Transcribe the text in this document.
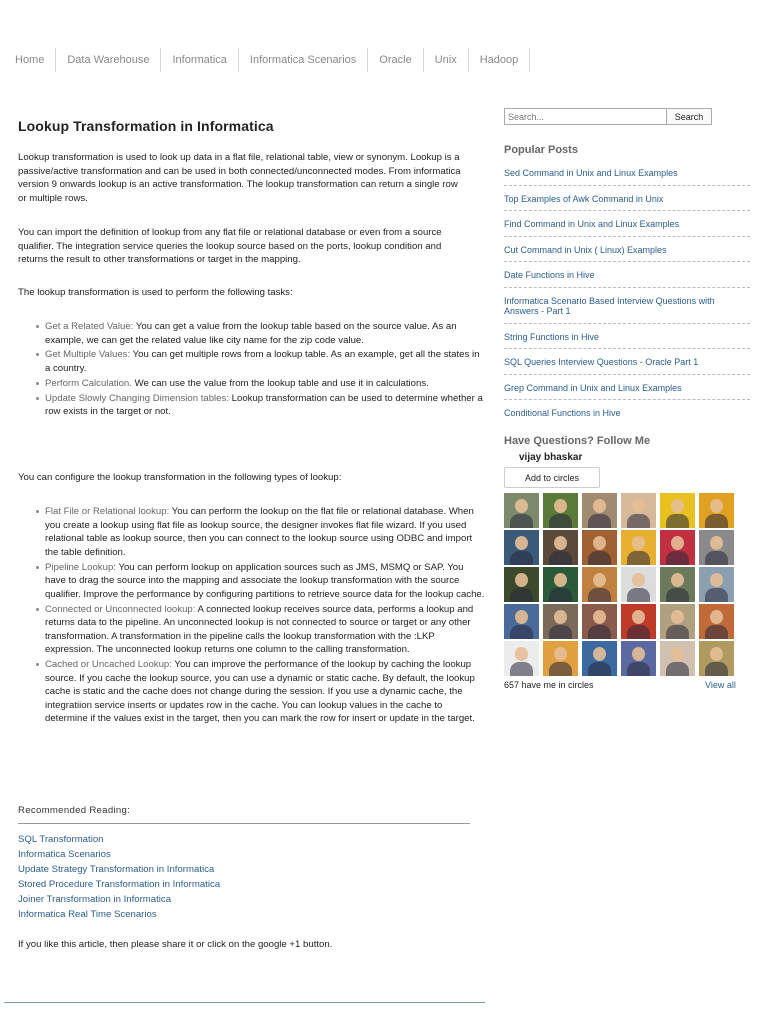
Home	Data Warehouse	Informatica	Informatica Scenarios	Oracle	Unix	Hadoop
Lookup Transformation in Informatica

Lookup transformation is used to look up data in a flat file, relational table, view or synonym. Lookup is a passive/active transformation and can be used in both connected/unconnected modes. From informatica version 9 onwards lookup is an active transformation. The lookup transformation can return a single row or multiple rows.

You can import the definition of lookup from any flat file or relational database or even from a source qualifier. The integration service queries the lookup source based on the ports, lookup condition and returns the result to other transformations or target in the mapping.

The lookup transformation is used to perform the following tasks:

Get a Related Value: You can get a value from the lookup table based on the source value. As an example, we can get the related value like city name for the zip code value.
Get Multiple Values: You can get multiple rows from a lookup table. As an example, get all the states in a country.
Perform Calculation. We can use the value from the lookup table and use it in calculations.
Update Slowly Changing Dimension tables: Lookup transformation can be used to determine whether a row exists in the target or not.

You can configure the lookup transformation in the following types of lookup:

Flat File or Relational lookup: You can perform the lookup on the flat file or relational database. When you create a lookup using flat file as lookup source, the designer invokes flat file wizard. If you used relational table as lookup source, then you can connect to the lookup source using ODBC and import the table definition.
Pipeline Lookup: You can perform lookup on application sources such as JMS, MSMQ or SAP. You have to drag the source into the mapping and associate the lookup transformation with the source qualifier. Improve the performance by configuring partitions to retrieve source data for the lookup cache.
Connected or Unconnected lookup: A connected lookup receives source data, performs a lookup and returns data to the pipeline. An unconnected lookup is not connected to source or target or any other transformation. A transformation in the pipeline calls the lookup transformation with the :LKP expression. The unconnected lookup returns one column to the calling transformation.
Cached or Uncached Lookup: You can improve the performance of the lookup by caching the lookup source. If you cache the lookup source, you can use a dynamic or static cache. By default, the lookup cache is static and the cache does not change during the session. If you use a dynamic cache, the integratiion service inserts or updates row in the cache. You can lookup values in the cache to determine if the values exist in the target, then you can mark the row for insert or update in the target.
Recommended Reading:
SQL Transformation
Informatica Scenarios
Update Strategy Transformation in Informatica
Stored Procedure Transformation in Informatica
Joiner Transformation in Informatica
Informatica Real Time Scenarios

If you like this article, then please share it or click on the google +1 button.

Search...
Search
Popular Posts
Sed Command in Unix and Linux Examples
Top Examples of Awk Command in Unix
Find Command in Unix and Linux Examples
Cut Command in Unix ( Linux) Examples
Date Functions in Hive
Informatica Scenario Based Interview Questions with Answers - Part 1
String Functions in Hive
SQL Queries Interview Questions - Oracle Part 1
Grep Command in Unix and Linux Examples
Conditional Functions in Hive
Have Questions? Follow Me
vijay bhaskar
Add to circles
657 have me in circles	View all
